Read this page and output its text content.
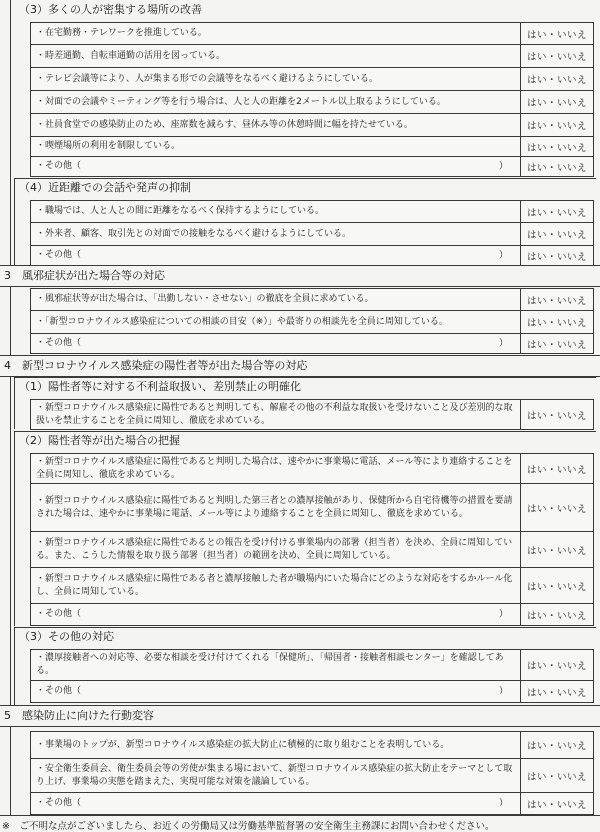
（3）多くの人が密集する場所の改善
・在宅勤務・テレワークを推進している。	はい・いいえ
・時差通勤、自転車通勤の活用を図っている。	はい・いいえ
・テレビ会議等により、人が集まる形での会議等をなるべく避けるようにしている。	はい・いいえ
・対面での会議やミーティング等を行う場合は、人と人の距離を2メートル以上取るようにしている。	はい・いいえ
・社員食堂での感染防止のため、座席数を減らす、昼休み等の休憩時間に幅を持たせている。	はい・いいえ
・喫煙場所の利用を制限している。	はい・いいえ
・その他（	）	はい・いいえ
（4）近距離での会話や発声の抑制
・職場では、人と人との間に距離をなるべく保持するようにしている。	はい・いいえ
・外来者、顧客、取引先との対面での接触をなるべく避けるようにしている。	はい・いいえ
・その他（	）	はい・いいえ
3　風邪症状が出た場合等の対応
・風邪症状等が出た場合は、「出勤しない・させない」の徹底を全員に求めている。	はい・いいえ
・「新型コロナウイルス感染症についての相談の目安（※）」や最寄りの相談先を全員に周知している。	はい・いいえ
・その他（	）	はい・いいえ
4　新型コロナウイルス感染症の陽性者等が出た場合等の対応
（1）陽性者等に対する不利益取扱い、差別禁止の明確化
・新型コロナウイルス感染症に陽性であると判明しても、解雇その他の不利益な取扱いを受けないこと及び差別的な取扱いを禁止することを全員に周知し、徹底を求めている。	はい・いいえ
（2）陽性者等が出た場合の把握
・新型コロナウイルス感染症に陽性であると判明した場合は、速やかに事業場に電話、メール等により連絡することを全員に周知し、徹底を求めている。	はい・いいえ
・新型コロナウイルス感染症に陽性であると判明した第三者との濃厚接触があり、保健所から自宅待機等の措置を要請された場合は、速やかに事業場に電話、メール等により連絡することを全員に周知し、徹底を求めている。	はい・いいえ
・新型コロナウイルス感染症に陽性であるとの報告を受け付ける事業場内の部署（担当者）を決め、全員に周知している。また、こうした情報を取り扱う部署（担当者）の範囲を決め、全員に周知している。	はい・いいえ
・新型コロナウイルス感染症に陽性である者と濃厚接触した者が職場内にいた場合にどのような対応をするかルール化し、全員に周知している。	はい・いいえ
・その他（	）	はい・いいえ
（3）その他の対応
・濃厚接触者への対応等、必要な相談を受け付けてくれる「保健所」、「帰国者・接触者相談センター」を確認してある。	はい・いいえ
・その他（	）	はい・いいえ
5　感染防止に向けた行動変容
・事業場のトップが、新型コロナウイルス感染症の拡大防止に積極的に取り組むことを表明している。	はい・いいえ
・安全衛生委員会、衛生委員会等の労使が集まる場において、新型コロナウイルス感染症の拡大防止をテーマとして取り上げ、事業場の実態を踏まえた、実現可能な対策を議論している。	はい・いいえ
・その他（	）	はい・いいえ
※　ご不明な点がございましたら、お近くの労働局又は労働基準監督署の安全衛生主務課にお問い合わせください。
